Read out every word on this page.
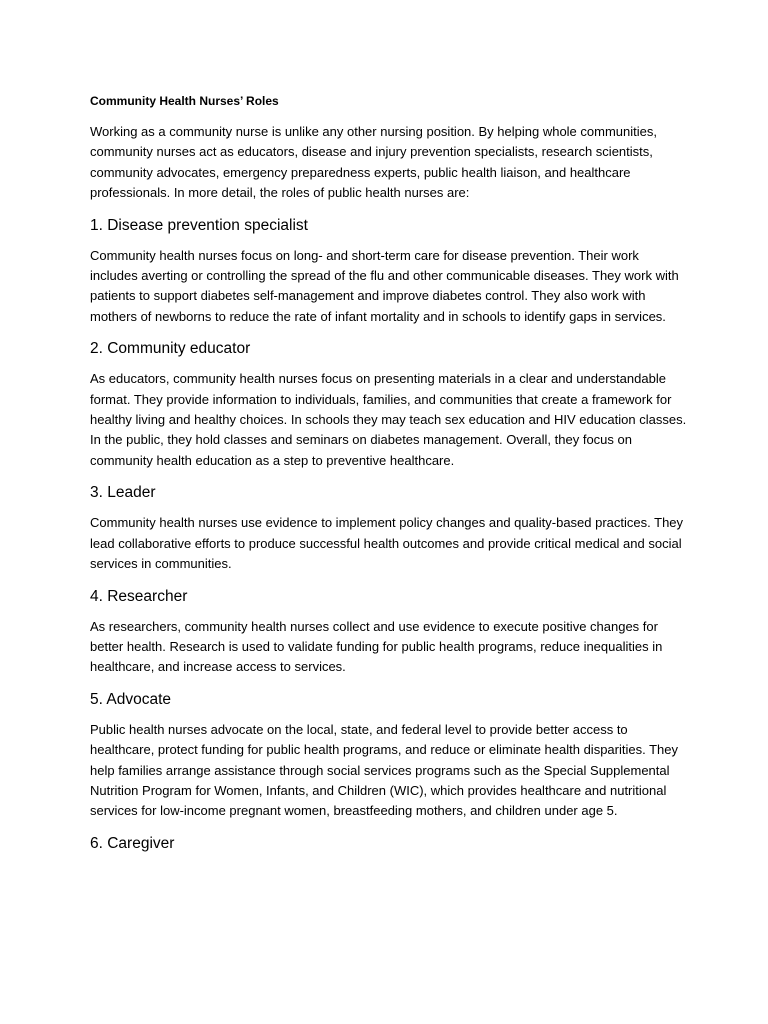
Community Health Nurses’ Roles

Working as a community nurse is unlike any other nursing position. By helping whole communities, community nurses act as educators, disease and injury prevention specialists, research scientists, community advocates, emergency preparedness experts, public health liaison, and healthcare professionals. In more detail, the roles of public health nurses are:

1. Disease prevention specialist

Community health nurses focus on long- and short-term care for disease prevention. Their work includes averting or controlling the spread of the flu and other communicable diseases. They work with patients to support diabetes self-management and improve diabetes control. They also work with mothers of newborns to reduce the rate of infant mortality and in schools to identify gaps in services.

2. Community educator

As educators, community health nurses focus on presenting materials in a clear and understandable format. They provide information to individuals, families, and communities that create a framework for healthy living and healthy choices. In schools they may teach sex education and HIV education classes. In the public, they hold classes and seminars on diabetes management. Overall, they focus on community health education as a step to preventive healthcare.

3. Leader

Community health nurses use evidence to implement policy changes and quality-based practices. They lead collaborative efforts to produce successful health outcomes and provide critical medical and social services in communities.

4. Researcher

As researchers, community health nurses collect and use evidence to execute positive changes for better health. Research is used to validate funding for public health programs, reduce inequalities in healthcare, and increase access to services.

5. Advocate

Public health nurses advocate on the local, state, and federal level to provide better access to healthcare, protect funding for public health programs, and reduce or eliminate health disparities. They help families arrange assistance through social services programs such as the Special Supplemental Nutrition Program for Women, Infants, and Children (WIC), which provides healthcare and nutritional services for low-income pregnant women, breastfeeding mothers, and children under age 5.

6. Caregiver
